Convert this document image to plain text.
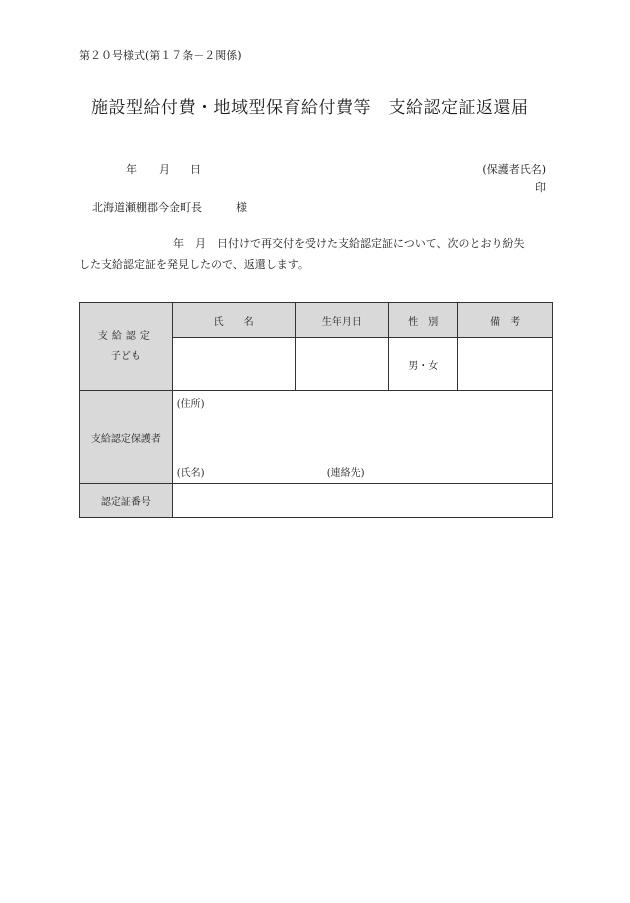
第２０号様式(第１７条－２関係)
施設型給付費・地域型保育給付費等　支給認定証返還届
年 月 日	(保護者氏名)
印
北海道瀬棚郡今金町長	様
年　月　日付けで再交付を受けた支給認定証について、次のとおり紛失
した支給認定証を発見したので、返還します。
支給認定
子ども	氏　　名	生年月日	性　別	備　考
			男・女	
支給認定保護者	(住所)
(氏名) (連絡先)			

認定証番号				
